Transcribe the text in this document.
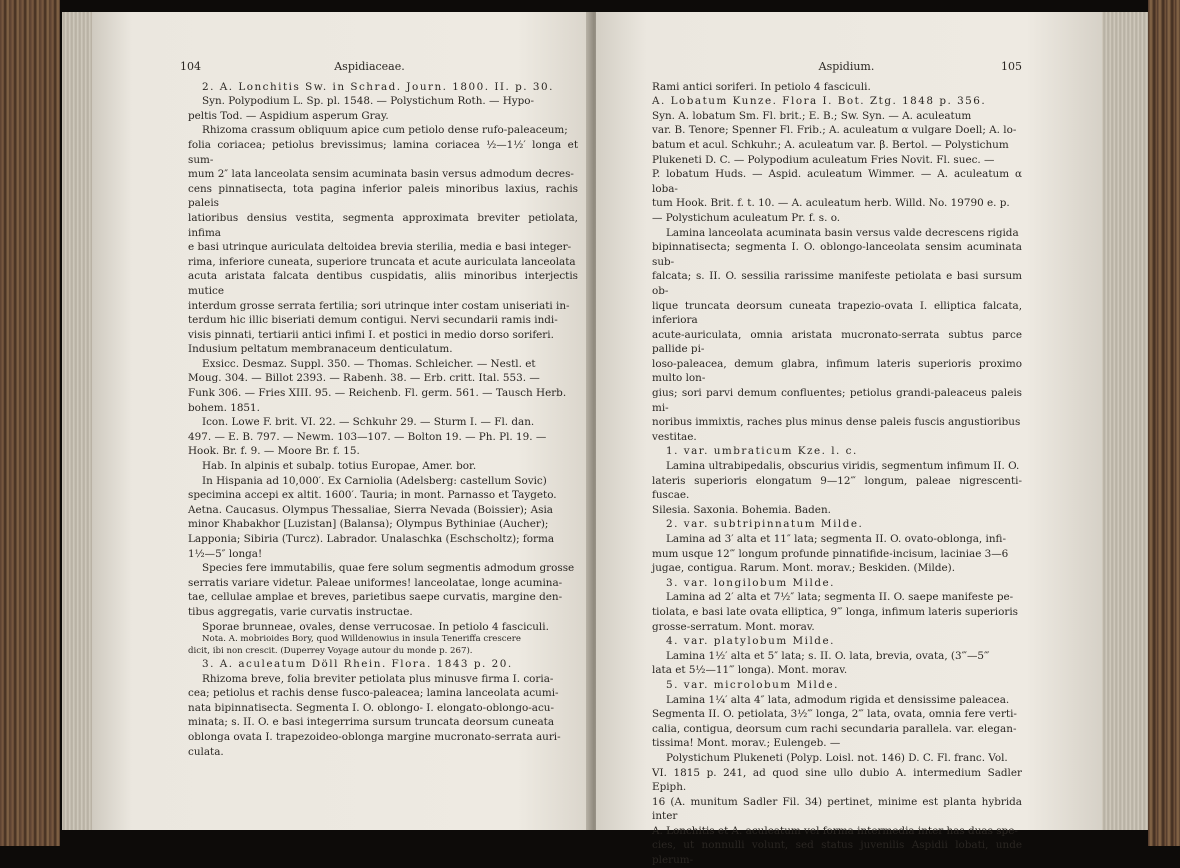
104	Aspidiaceae.

2. A. Lonchitis Sw. in Schrad. Journ. 1800. II. p. 30.

Syn. Polypodium L. Sp. pl. 1548. — Polystichum Roth. — Hypo-

peltis Tod. — Aspidium asperum Gray.

Rhizoma crassum obliquum apice cum petiolo dense rufo-paleaceum;

folia coriacea; petiolus brevissimus; lamina coriacea ½—1½′ longa et sum-

mum 2″ lata lanceolata sensim acuminata basin versus admodum decres-

cens pinnatisecta, tota pagina inferior paleis minoribus laxius, rachis paleis

latioribus densius vestita, segmenta approximata breviter petiolata, infima

e basi utrinque auriculata deltoidea brevia sterilia, media e basi integer-

rima, inferiore cuneata, superiore truncata et acute auriculata lanceolata

acuta aristata falcata dentibus cuspidatis, aliis minoribus interjectis mutice

interdum grosse serrata fertilia; sori utrinque inter costam uniseriati in-

terdum hic illic biseriati demum contigui. Nervi secundarii ramis indi-

visis pinnati, tertiarii antici infimi I. et postici in medio dorso soriferi.

Indusium peltatum membranaceum denticulatum.

Exsicc. Desmaz. Suppl. 350. — Thomas. Schleicher. — Nestl. et

Moug. 304. — Billot 2393. — Rabenh. 38. — Erb. critt. Ital. 553. —

Funk 306. — Fries XIII. 95. — Reichenb. Fl. germ. 561. — Tausch Herb.

bohem. 1851.

Icon. Lowe F. brit. VI. 22. — Schkuhr 29. — Sturm I. — Fl. dan.

497. — E. B. 797. — Newm. 103—107. — Bolton 19. — Ph. Pl. 19. —

Hook. Br. f. 9. — Moore Br. f. 15.

Hab. In alpinis et subalp. totius Europae, Amer. bor.

In Hispania ad 10,000′. Ex Carniolia (Adelsberg: castellum Sovic)

specimina accepi ex altit. 1600′. Tauria; in mont. Parnasso et Taygeto.

Aetna. Caucasus. Olympus Thessaliae, Sierra Nevada (Boissier); Asia

minor Khabakhor [Luzistan] (Balansa); Olympus Bythiniae (Aucher);

Lapponia; Sibiria (Turcz). Labrador. Unalaschka (Eschscholtz); forma

1½—5″ longa!

Species fere immutabilis, quae fere solum segmentis admodum grosse

serratis variare videtur. Paleae uniformes! lanceolatae, longe acumina-

tae, cellulae amplae et breves, parietibus saepe curvatis, margine den-

tibus aggregatis, varie curvatis instructae.

Sporae brunneae, ovales, dense verrucosae. In petiolo 4 fasciculi.

Nota. A. mobrioides Bory, quod Willdenowius in insula Teneriffa crescere

dicit, ibi non crescit. (Duperrey Voyage autour du monde p. 267).

3. A. aculeatum Döll Rhein. Flora. 1843 p. 20.

Rhizoma breve, folia breviter petiolata plus minusve firma I. coria-

cea; petiolus et rachis dense fusco-paleacea; lamina lanceolata acumi-

nata bipinnatisecta. Segmenta I. O. oblongo- I. elongato-oblongo-acu-

minata; s. II. O. e basi integerrima sursum truncata deorsum cuneata

oblonga ovata I. trapezoideo-oblonga margine mucronato-serrata auri-

culata.

Aspidium.	105

Rami antici soriferi. In petiolo 4 fasciculi.

A. Lobatum Kunze. Flora I. Bot. Ztg. 1848 p. 356.

Syn. A. lobatum Sm. Fl. brit.; E. B.; Sw. Syn. — A. aculeatum

var. B. Tenore; Spenner Fl. Frib.; A. aculeatum α vulgare Doell; A. lo-

batum et acul. Schkuhr.; A. aculeatum var. β. Bertol. — Polystichum

Plukeneti D. C. — Polypodium aculeatum Fries Novit. Fl. suec. —

P. lobatum Huds. — Aspid. aculeatum Wimmer. — A. aculeatum α loba-

tum Hook. Brit. f. t. 10. — A. aculeatum herb. Willd. No. 19790 e. p.

— Polystichum aculeatum Pr. f. s. o.

Lamina lanceolata acuminata basin versus valde decrescens rigida

bipinnatisecta; segmenta I. O. oblongo-lanceolata sensim acuminata sub-

falcata; s. II. O. sessilia rarissime manifeste petiolata e basi sursum ob-

lique truncata deorsum cuneata trapezio-ovata I. elliptica falcata, inferiora

acute-auriculata, omnia aristata mucronato-serrata subtus parce pallide pi-

loso-paleacea, demum glabra, infimum lateris superioris proximo multo lon-

gius; sori parvi demum confluentes; petiolus grandi-paleaceus paleis mi-

noribus immixtis, raches plus minus dense paleis fuscis angustioribus

vestitae.

1. var. umbraticum Kze. l. c.

Lamina ultrabipedalis, obscurius viridis, segmentum infimum II. O.

lateris superioris elongatum 9—12‴ longum, paleae nigrescenti-fuscae.

Silesia. Saxonia. Bohemia. Baden.

2. var. subtripinnatum Milde.

Lamina ad 3′ alta et 11″ lata; segmenta II. O. ovato-oblonga, infi-

mum usque 12‴ longum profunde pinnatifide-incisum, laciniae 3—6

jugae, contigua. Rarum. Mont. morav.; Beskiden. (Milde).

3. var. longilobum Milde.

Lamina ad 2′ alta et 7½″ lata; segmenta II. O. saepe manifeste pe-

tiolata, e basi late ovata elliptica, 9‴ longa, infimum lateris superioris

grosse-serratum. Mont. morav.

4. var. platylobum Milde.

Lamina 1½′ alta et 5″ lata; s. II. O. lata, brevia, ovata, (3‴—5‴

lata et 5½—11‴ longa). Mont. morav.

5. var. microlobum Milde.

Lamina 1¼′ alta 4″ lata, admodum rigida et densissime paleacea.

Segmenta II. O. petiolata, 3½‴ longa, 2‴ lata, ovata, omnia fere verti-

calia, contigua, deorsum cum rachi secundaria parallela. var. elegan-

tissima! Mont. morav.; Eulengeb. —

Polystichum Plukeneti (Polyp. Loisl. not. 146) D. C. Fl. franc. Vol.

VI. 1815 p. 241, ad quod sine ullo dubio A. intermedium Sadler Epiph.

16 (A. munitum Sadler Fil. 34) pertinet, minime est planta hybrida inter

A. Lonchitis et A. aculeatum vel forma intermedia inter has duas spe-

cies, ut nonnulli volunt, sed status juvenilis Aspidii lobati, unde plerum-
